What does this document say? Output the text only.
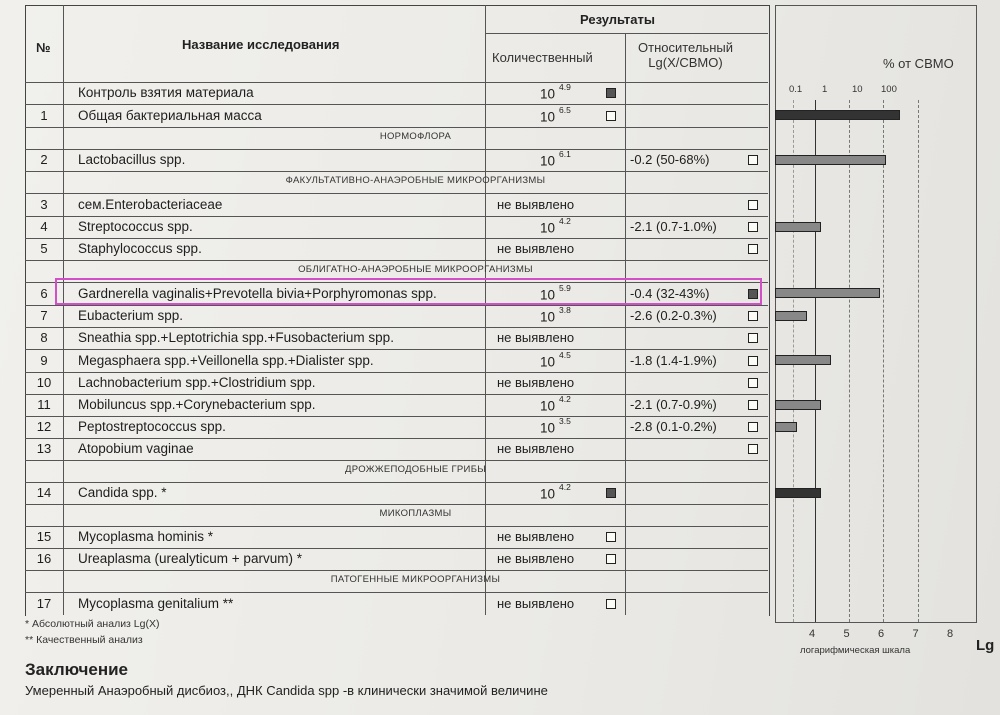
№	Название исследования
Результаты
Количественный
Относительный
Lg(X/СВМО)
Контроль взятия материала	10 $^{4.9}$
1	Общая бактериальная масса	10 $^{6.5}$
НОРМОФЛОРА
2	Lactobacillus spp.	10 $^{6.1}$	-0.2 (50-68%)
ФАКУЛЬТАТИВНО-АНАЭРОБНЫЕ МИКРООРГАНИЗМЫ
3	сем.Enterobacteriaceae	не выявлено
4	Streptococcus spp.	10 $^{4.2}$	-2.1 (0.7-1.0%)
5	Staphylococcus spp.	не выявлено
ОБЛИГАТНО-АНАЭРОБНЫЕ МИКРООРГАНИЗМЫ
6	Gardnerella vaginalis+Prevotella bivia+Porphyromonas spp.	10 $^{5.9}$	-0.4 (32-43%)
7	Eubacterium spp.	10 $^{3.8}$	-2.6 (0.2-0.3%)
8	Sneathia spp.+Leptotrichia spp.+Fusobacterium spp.	не выявлено
9	Megasphaera spp.+Veillonella spp.+Dialister spp.	10 $^{4.5}$	-1.8 (1.4-1.9%)
10	Lachnobacterium spp.+Clostridium spp.	не выявлено
11	Mobiluncus spp.+Corynebacterium spp.	10 $^{4.2}$	-2.1 (0.7-0.9%)
12	Peptostreptococcus spp.	10 $^{3.5}$	-2.8 (0.1-0.2%)
13	Atopobium vaginae	не выявлено
ДРОЖЖЕПОДОБНЫЕ ГРИБЫ
14	Candida spp. *	10 $^{4.2}$
МИКОПЛАЗМЫ
15	Mycoplasma hominis *	не выявлено
16	Ureaplasma (urealyticum + parvum) *	не выявлено
ПАТОГЕННЫЕ МИКРООРГАНИЗМЫ
17	Mycoplasma genitalium **	не выявлено
% от СВМО
0.1 1	10 100
4	5	6	7	8
логарифмическая шкала	Lg
* Абсолютный анализ Lg(X)
** Качественный анализ
Заключение
Умеренный Анаэробный дисбиоз,, ДНК Candida spp -в клинически значимой величине
